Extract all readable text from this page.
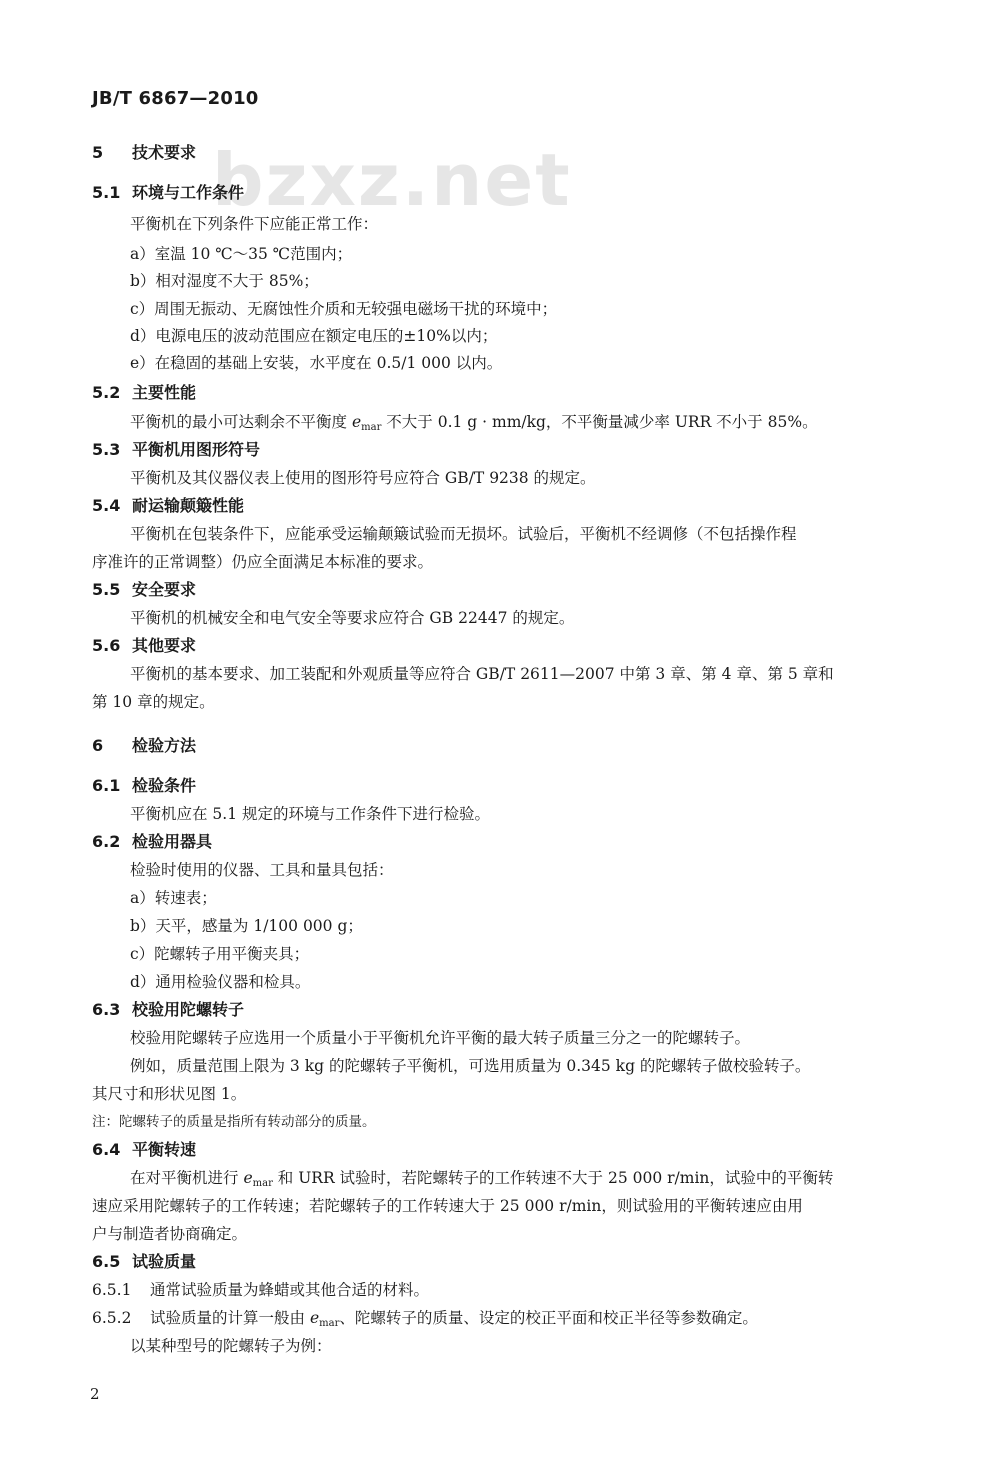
JB/T 6867—2010
bzxz.net
5 技术要求
5.1 环境与工作条件
平衡机在下列条件下应能正常工作：
a）室温 10 ℃～35 ℃范围内；
b）相对湿度不大于 85%；
c）周围无振动、无腐蚀性介质和无较强电磁场干扰的环境中；
d）电源电压的波动范围应在额定电压的±10%以内；
e）在稳固的基础上安装，水平度在 0.5/1 000 以内。
5.2 主要性能
平衡机的最小可达剩余不平衡度 $e_{mar}$ 不大于 0.1 g · mm/kg，不平衡量减少率 URR 不小于 85%。
5.3 平衡机用图形符号
平衡机及其仪器仪表上使用的图形符号应符合 GB/T 9238 的规定。
5.4 耐运输颠簸性能
平衡机在包装条件下，应能承受运输颠簸试验而无损坏。试验后，平衡机不经调修（不包括操作程
序准许的正常调整）仍应全面满足本标准的要求。
5.5 安全要求
平衡机的机械安全和电气安全等要求应符合 GB 22447 的规定。
5.6 其他要求
平衡机的基本要求、加工装配和外观质量等应符合 GB/T 2611—2007 中第 3 章、第 4 章、第 5 章和
第 10 章的规定。
6 检验方法
6.1 检验条件
平衡机应在 5.1 规定的环境与工作条件下进行检验。
6.2 检验用器具
检验时使用的仪器、工具和量具包括：
a）转速表；
b）天平，感量为 1/100 000 g；
c）陀螺转子用平衡夹具；
d）通用检验仪器和检具。
6.3 校验用陀螺转子
校验用陀螺转子应选用一个质量小于平衡机允许平衡的最大转子质量三分之一的陀螺转子。
例如，质量范围上限为 3 kg 的陀螺转子平衡机，可选用质量为 0.345 kg 的陀螺转子做校验转子。
其尺寸和形状见图 1。
注：陀螺转子的质量是指所有转动部分的质量。
6.4 平衡转速
在对平衡机进行 $e_{mar}$ 和 URR 试验时，若陀螺转子的工作转速不大于 25 000 r/min，试验中的平衡转
速应采用陀螺转子的工作转速；若陀螺转子的工作转速大于 25 000 r/min，则试验用的平衡转速应由用
户与制造者协商确定。
6.5 试验质量
6.5.1 通常试验质量为蜂蜡或其他合适的材料。
6.5.2 试验质量的计算一般由 $e_{mar}$、陀螺转子的质量、设定的校正平面和校正半径等参数确定。
以某种型号的陀螺转子为例：
2
